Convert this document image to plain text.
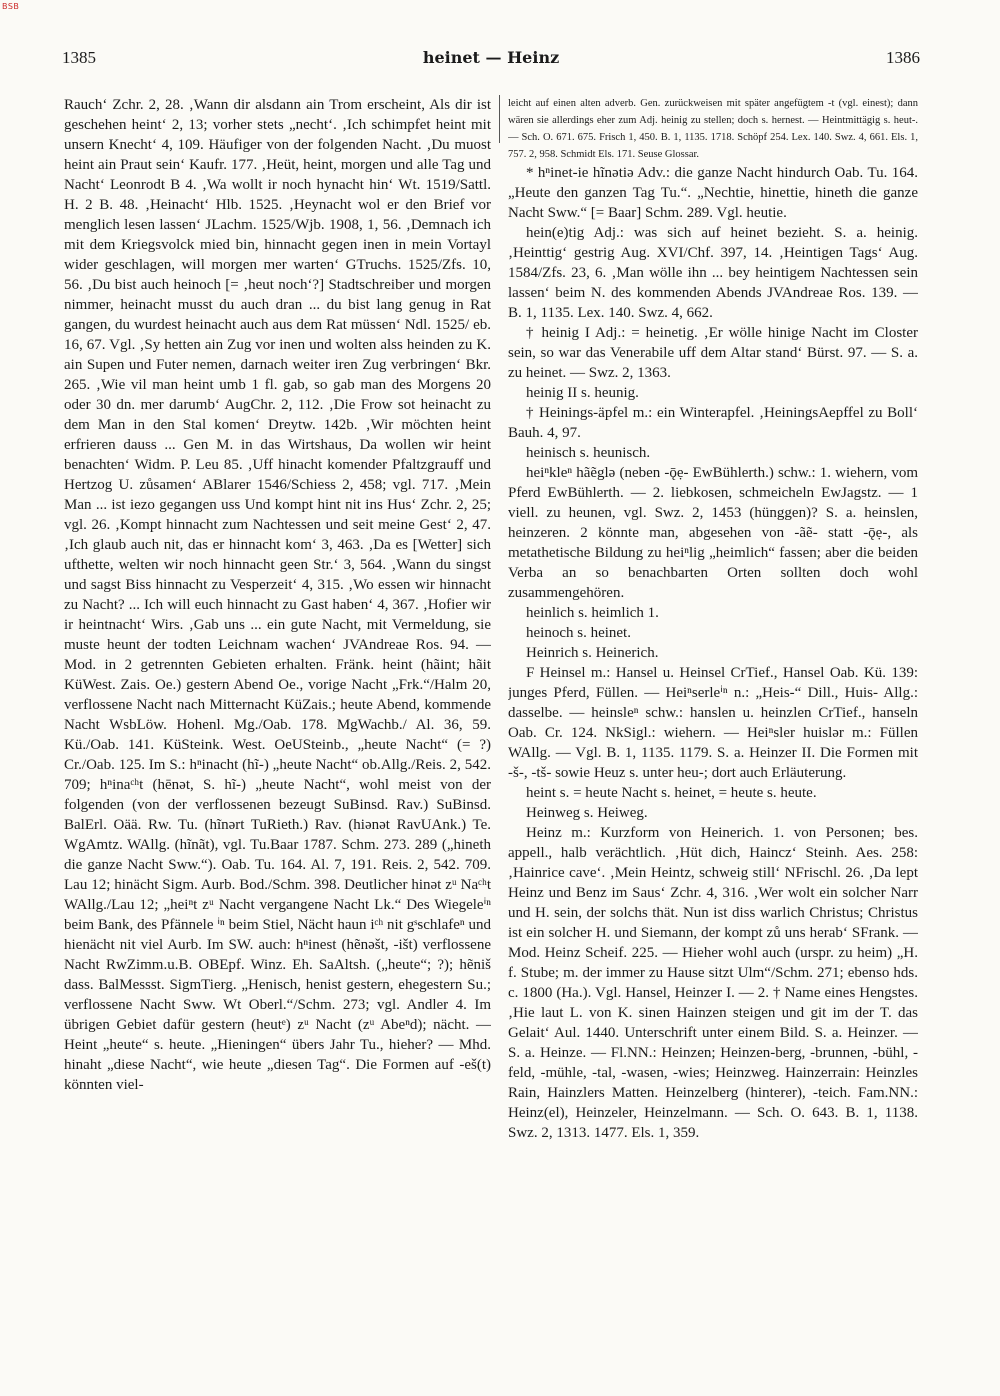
BSB
1385	heinet — Heinz	1386

Rauch‘ Zchr. 2, 28. ‚Wann dir alsdann ain Trom erscheint, Als dir ist geschehen heint‘ 2, 13; vorher stets „necht‘. ‚Ich schimpfet heint mit unsern Knecht‘ 4, 109. Häufiger von der folgenden Nacht. ‚Du muost heint ain Praut sein‘ Kaufr. 177. ‚Heüt, heint, morgen und alle Tag und Nacht‘ Leonrodt B 4. ‚Wa wollt ir noch hynacht hin‘ Wt. 1519/Sattl. H. 2 B. 48. ‚Heinacht‘ Hlb. 1525. ‚Heynacht wol er den Brief vor menglich lesen lassen‘ JLachm. 1525/Wjb. 1908, 1, 56. ‚Demnach ich mit dem Kriegsvolck mied bin, hinnacht gegen inen in mein Vortayl wider geschlagen, will morgen mer warten‘ GTruchs. 1525/Zfs. 10, 56. ‚Du bist auch heinoch [= ‚heut noch‘?] Stadtschreiber und morgen nimmer, heinacht musst du auch dran ... du bist lang genug in Rat gangen, du wurdest heinacht auch aus dem Rat müssen‘ Ndl. 1525/ eb. 16, 67. Vgl. ‚Sy hetten ain Zug vor inen und wolten alss heinden zu K. ain Supen und Futer nemen, darnach weiter iren Zug verbringen‘ Bkr. 265. ‚Wie vil man heint umb 1 fl. gab, so gab man des Morgens 20 oder 30 dn. mer darumb‘ AugChr. 2, 112. ‚Die Frow sot heinacht zu dem Man in den Stal komen‘ Dreytw. 142b. ‚Wir möchten heint erfrieren dauss ... Gen M. in das Wirtshaus, Da wollen wir heint benachten‘ Widm. P. Leu 85. ‚Uff hinacht komender Pfaltzgrauff und Hertzog U. zůsamen‘ ABlarer 1546/Schiess 2, 458; vgl. 717. ‚Mein Man ... ist iezo gegangen uss Und kompt hint nit ins Hus‘ Zchr. 2, 25; vgl. 26. ‚Kompt hinnacht zum Nachtessen und seit meine Gest‘ 2, 47. ‚Ich glaub auch nit, das er hinnacht kom‘ 3, 463. ‚Da es [Wetter] sich ufthette, welten wir noch hinnacht geen Str.‘ 3, 564. ‚Wann du singst und sagst Biss hinnacht zu Vesperzeit‘ 4, 315. ‚Wo essen wir hinnacht zu Nacht? ... Ich will euch hinnacht zu Gast haben‘ 4, 367. ‚Hofier wir ir heintnacht‘ Wirs. ‚Gab uns ... ein gute Nacht, mit Vermeldung, sie muste heunt der todten Leichnam wachen‘ JVAndreae Ros. 94. — Mod. in 2 getrennten Gebieten erhalten. Fränk. heint (hãint; hãit KüWest. Zais. Oe.) gestern Abend Oe., vorige Nacht „Frk.“/Halm 20, verflossene Nacht nach Mitternacht KüZais.; heute Abend, kommende Nacht WsbLöw. Hohenl. Mg./Oab. 178. MgWachb./ Al. 36, 59. Kü./Oab. 141. KüSteink. West. OeUSteinb., „heute Nacht“ (= ?) Cr./Oab. 125. Im S.: hⁿinacht (hĩ-) „heute Nacht“ ob.Allg./Reis. 2, 542. 709; hⁿinaᶜʰt (hēnət, S. hĩ-) „heute Nacht“, wohl meist von der folgenden (von der verflossenen bezeugt SuBinsd. Rav.) SuBinsd. BalErl. Oää. Rw. Tu. (hĩnərt TuRieth.) Rav. (hiənət RavUAnk.) Te. WgAmtz. WAllg. (hĩnãt), vgl. Tu.Baar 1787. Schm. 273. 289 („hineth die ganze Nacht Sww.“). Oab. Tu. 164. Al. 7, 191. Reis. 2, 542. 709. Lau 12; hinächt Sigm. Aurb. Bod./Schm. 398. Deutlicher hinət zᵘ Naᶜʰt WAllg./Lau 12; „heiⁿt zᵘ Nacht vergangene Nacht Lk.“ Des Wiegeleⁱⁿ beim Bank, des Pfännele ⁱⁿ beim Stiel, Nächt haun iᶜʰ nit gˢschlafeⁿ und hienächt nit viel Aurb. Im SW. auch: hⁿinest (hẽnəšt, -išt) verflossene Nacht RwZimm.u.B. OBEpf. Winz. Eh. SaAltsh. („heute“; ?); hẽniš dass. BalMessst. SigmTierg. „Henisch, henist gestern, ehegestern Su.; verflossene Nacht Sww. Wt Oberl.“/Schm. 273; vgl. Andler 4. Im übrigen Gebiet dafür gestern (heutᵉ) zᵘ Nacht (zᵘ Abeⁿd); nächt. — Heint „heute“ s. heute. „Hieningen“ übers Jahr Tu., hieher? — Mhd. hinaht „diese Nacht“, wie heute „diesen Tag“. Die Formen auf -eš(t) könnten viel-

leicht auf einen alten adverb. Gen. zurückweisen mit später angefügtem -t (vgl. einest); dann wären sie allerdings eher zum Adj. heinig zu stellen; doch s. hernest. — Heintmittägig s. heut-. — Sch. O. 671. 675. Frisch 1, 450. B. 1, 1135. 1718. Schöpf 254. Lex. 140. Swz. 4, 661. Els. 1, 757. 2, 958. Schmidt Els. 171. Seuse Glossar.

* hⁿinet-ie hĩnətiə Adv.: die ganze Nacht hindurch Oab. Tu. 164. „Heute den ganzen Tag Tu.“. „Nechtie, hinettie, hineth die ganze Nacht Sww.“ [= Baar] Schm. 289. Vgl. heutie.

hein(e)tig Adj.: was sich auf heinet bezieht. S. a. heinig. ‚Heinttig‘ gestrig Aug. XVI/Chf. 397, 14. ‚Heintigen Tags‘ Aug. 1584/Zfs. 23, 6. ‚Man wölle ihn ... bey heintigem Nachtessen sein lassen‘ beim N. des kommenden Abends JVAndreae Ros. 139. — B. 1, 1135. Lex. 140. Swz. 4, 662.

† heinig I Adj.: = heinetig. ‚Er wölle hinige Nacht im Closter sein, so war das Venerabile uff dem Altar stand‘ Bürst. 97. — S. a. zu heinet. — Swz. 2, 1363.

heinig II s. heunig.

† Heinings-äpfel m.: ein Winterapfel. ‚HeiningsAepffel zu Boll‘ Bauh. 4, 97.

heinisch s. heunisch.

heiⁿkleⁿ hãẽglə (neben -ǭẹ- EwBühlerth.) schw.: 1. wiehern, vom Pferd EwBühlerth. — 2. liebkosen, schmeicheln EwJagstz. — 1 viell. zu heunen, vgl. Swz. 2, 1453 (hünggen)? S. a. heinslen, heinzeren. 2 könnte man, abgesehen von -ãẽ- statt -ǭẹ-, als metathetische Bildung zu heiⁿlig „heimlich“ fassen; aber die beiden Verba an so benachbarten Orten sollten doch wohl zusammengehören.

heinlich s. heimlich 1.

heinoch s. heinet.

Heinrich s. Heinerich.

F Heinsel m.: Hansel u. Heinsel CrTief., Hansel Oab. Kü. 139: junges Pferd, Füllen. — Heiⁿserleⁱⁿ n.: „Heis-“ Dill., Huis- Allg.: dasselbe. — heinsleⁿ schw.: hanslen u. heinzlen CrTief., hanseln Oab. Cr. 124. NkSigl.: wiehern. — Heiⁿsler huislər m.: Füllen WAllg. — Vgl. B. 1, 1135. 1179. S. a. Heinzer II. Die Formen mit -š-, -tš- sowie Heuz s. unter heu-; dort auch Erläuterung.

heint s. = heute Nacht s. heinet, = heute s. heute.

Heinweg s. Heiweg.

Heinz m.: Kurzform von Heinerich. 1. von Personen; bes. appell., halb verächtlich. ‚Hüt dich, Haincz‘ Steinh. Aes. 258: ‚Hainrice cave‘. ‚Mein Heintz, schweig still‘ NFrischl. 26. ‚Da lept Heinz und Benz im Saus‘ Zchr. 4, 316. ‚Wer wolt ein solcher Narr und H. sein, der solchs thät. Nun ist diss warlich Christus; Christus ist ein solcher H. und Siemann, der kompt zů uns herab‘ SFrank. — Mod. Heinz Scheif. 225. — Hieher wohl auch (urspr. zu heim) „H. f. Stube; m. der immer zu Hause sitzt Ulm“/Schm. 271; ebenso hds. c. 1800 (Ha.). Vgl. Hansel, Heinzer I. — 2. † Name eines Hengstes. ‚Hie laut L. von K. sinen Hainzen steigen und git im der T. das Gelait‘ Aul. 1440. Unterschrift unter einem Bild. S. a. Heinzer. — S. a. Heinze. — Fl.NN.: Heinzen; Heinzen-berg, -brunnen, -bühl, -feld, -mühle, -tal, -wasen, -wies; Heinzweg. Hainzerrain: Heinzles Rain, Hainzlers Matten. Heinzelberg (hinterer), -teich. Fam.NN.: Heinz(el), Heinzeler, Heinzelmann. — Sch. O. 643. B. 1, 1138. Swz. 2, 1313. 1477. Els. 1, 359.
